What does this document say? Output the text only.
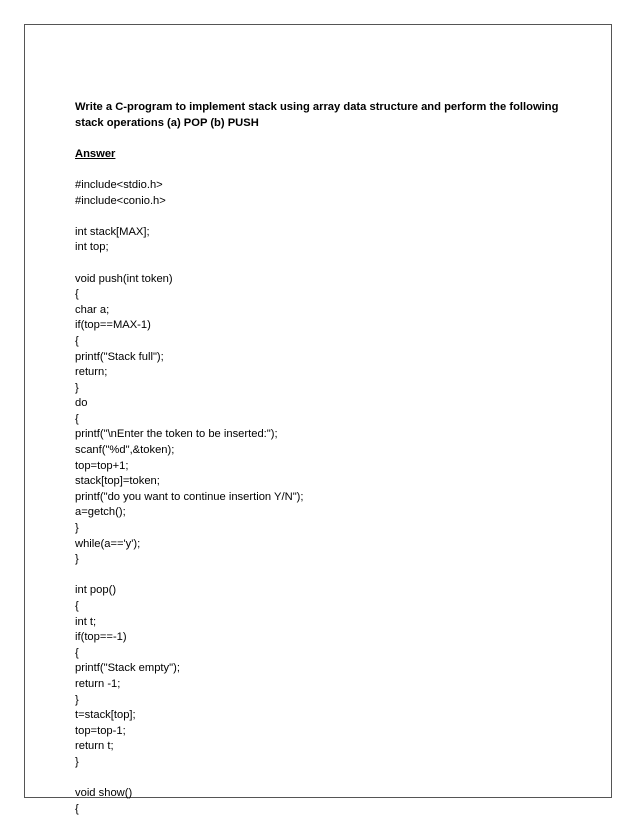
Write a C-program to implement stack using array data structure and perform the following stack operations (a) POP (b) PUSH

Answer

#include<stdio.h>
#include<conio.h>
int stack[MAX];
int top;
void push(int token)
{
char a;
if(top==MAX-1)
{
printf("Stack full");
return;
}
do
{
printf("\nEnter the token to be inserted:");
scanf("%d",&token);
top=top+1;
stack[top]=token;
printf("do you want to continue insertion Y/N");
a=getch();
}
while(a=='y');
}
int pop()
{
int t;
if(top==-1)
{
printf("Stack empty");
return -1;
}
t=stack[top];
top=top-1;
return t;
}
void show()
{
